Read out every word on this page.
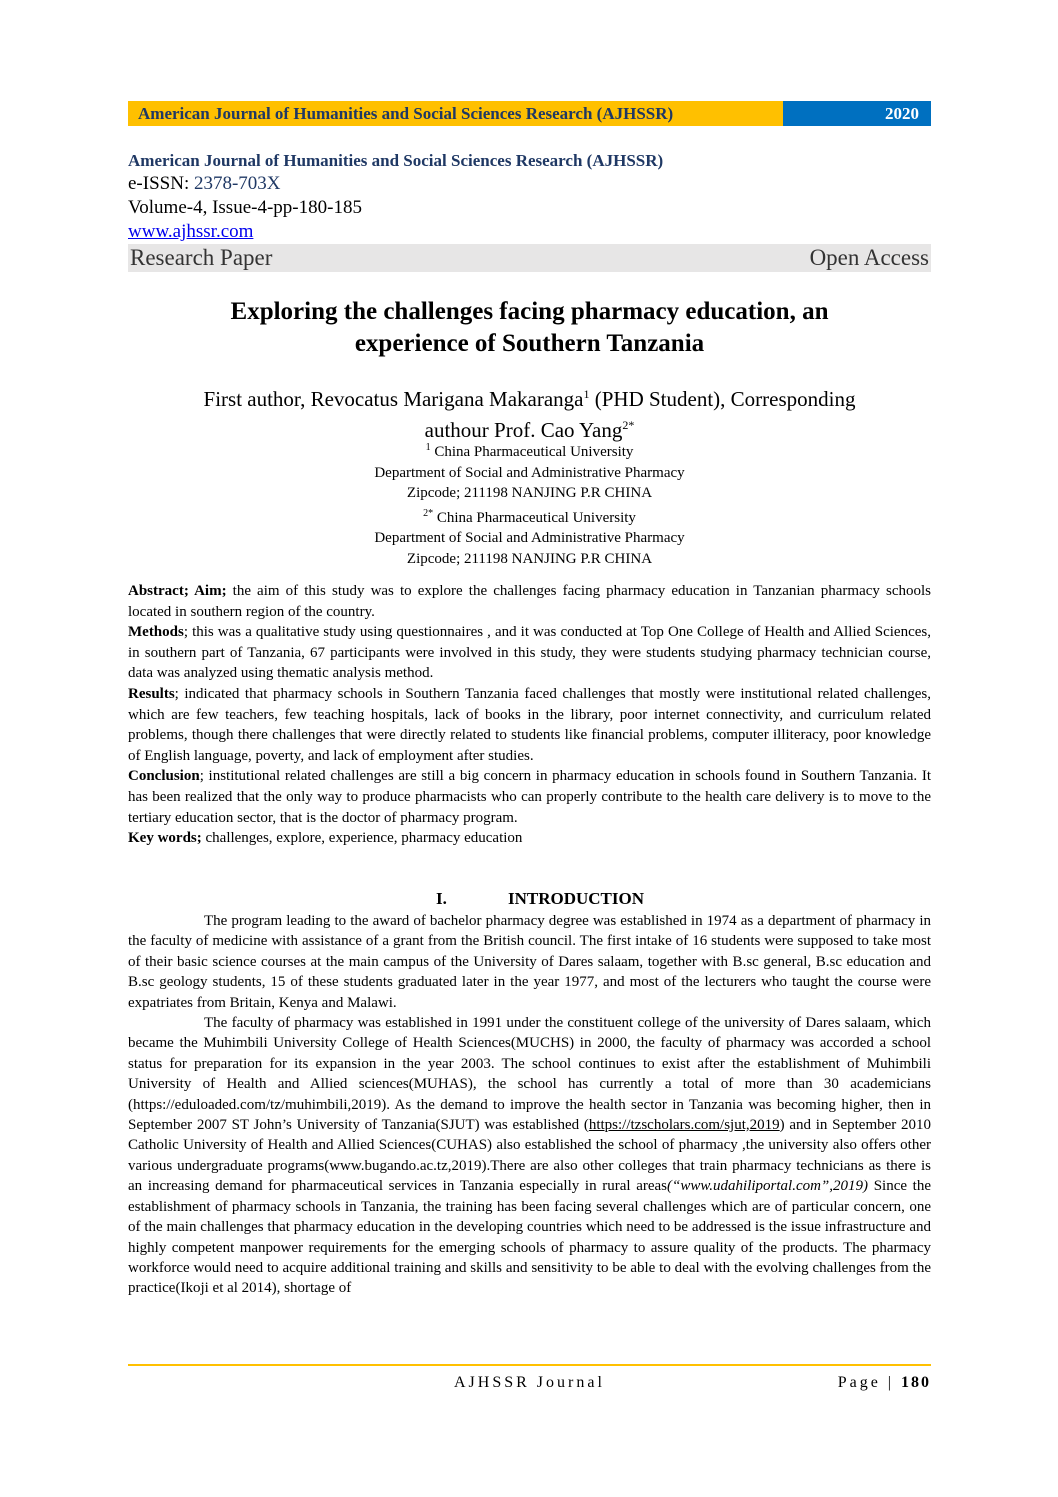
American Journal of Humanities and Social Sciences Research (AJHSSR)	2020
American Journal of Humanities and Social Sciences Research (AJHSSR)
e-ISSN: 2378-703X
Volume-4, Issue-4-pp-180-185
www.ajhssr.com
Research Paper	Open Access
Exploring the challenges facing pharmacy education, an
experience of Southern Tanzania
First author, Revocatus Marigana Makaranga$^1$ (PHD Student), Corresponding
authour Prof. Cao Yang$^{2*}$
$^1$ China Pharmaceutical University
Department of Social and Administrative Pharmacy
Zipcode; 211198 NANJING P.R CHINA
$^{2*}$ China Pharmaceutical University
Department of Social and Administrative Pharmacy
Zipcode; 211198 NANJING P.R CHINA

Abstract; Aim; the aim of this study was to explore the challenges facing pharmacy education in Tanzanian pharmacy schools located in southern region of the country.

Methods; this was a qualitative study using questionnaires , and it was conducted at Top One College of Health and Allied Sciences, in southern part of Tanzania, 67 participants were involved in this study, they were students studying pharmacy technician course, data was analyzed using thematic analysis method.

Results; indicated that pharmacy schools in Southern Tanzania faced challenges that mostly were institutional related challenges, which are few teachers, few teaching hospitals, lack of books in the library, poor internet connectivity, and curriculum related problems, though there challenges that were directly related to students like financial problems, computer illiteracy, poor knowledge of English language, poverty, and lack of employment after studies.

Conclusion; institutional related challenges are still a big concern in pharmacy education in schools found in Southern Tanzania. It has been realized that the only way to produce pharmacists who can properly contribute to the health care delivery is to move to the tertiary education sector, that is the doctor of pharmacy program.

Key words; challenges, explore, experience, pharmacy education

I.	INTRODUCTION

The program leading to the award of bachelor pharmacy degree was established in 1974 as a department of pharmacy in the faculty of medicine with assistance of a grant from the British council. The first intake of 16 students were supposed to take most of their basic science courses at the main campus of the University of Dares salaam, together with B.sc general, B.sc education and B.sc geology students, 15 of these students graduated later in the year 1977, and most of the lecturers who taught the course were expatriates from Britain, Kenya and Malawi.

The faculty of pharmacy was established in 1991 under the constituent college of the university of Dares salaam, which became the Muhimbili University College of Health Sciences(MUCHS) in 2000, the faculty of pharmacy was accorded a school status for preparation for its expansion in the year 2003. The school continues to exist after the establishment of Muhimbili University of Health and Allied sciences(MUHAS), the school has currently a total of more than 30 academicians (https://eduloaded.com/tz/muhimbili,2019). As the demand to improve the health sector in Tanzania was becoming higher, then in September 2007 ST John’s University of Tanzania(SJUT) was established (https://tzscholars.com/sjut,2019) and in September 2010 Catholic University of Health and Allied Sciences(CUHAS) also established the school of pharmacy ,the university also offers other various undergraduate programs(www.bugando.ac.tz,2019).There are also other colleges that train pharmacy technicians as there is an increasing demand for pharmaceutical services in Tanzania especially in rural areas(“www.udahiliportal.com”,2019) Since the establishment of pharmacy schools in Tanzania, the training has been facing several challenges which are of particular concern, one of the main challenges that pharmacy education in the developing countries which need to be addressed is the issue infrastructure and highly competent manpower requirements for the emerging schools of pharmacy to assure quality of the products. The pharmacy workforce would need to acquire additional training and skills and sensitivity to be able to deal with the evolving challenges from the practice(Ikoji et al 2014), shortage of

AJHSSR Journal	Page | 180
